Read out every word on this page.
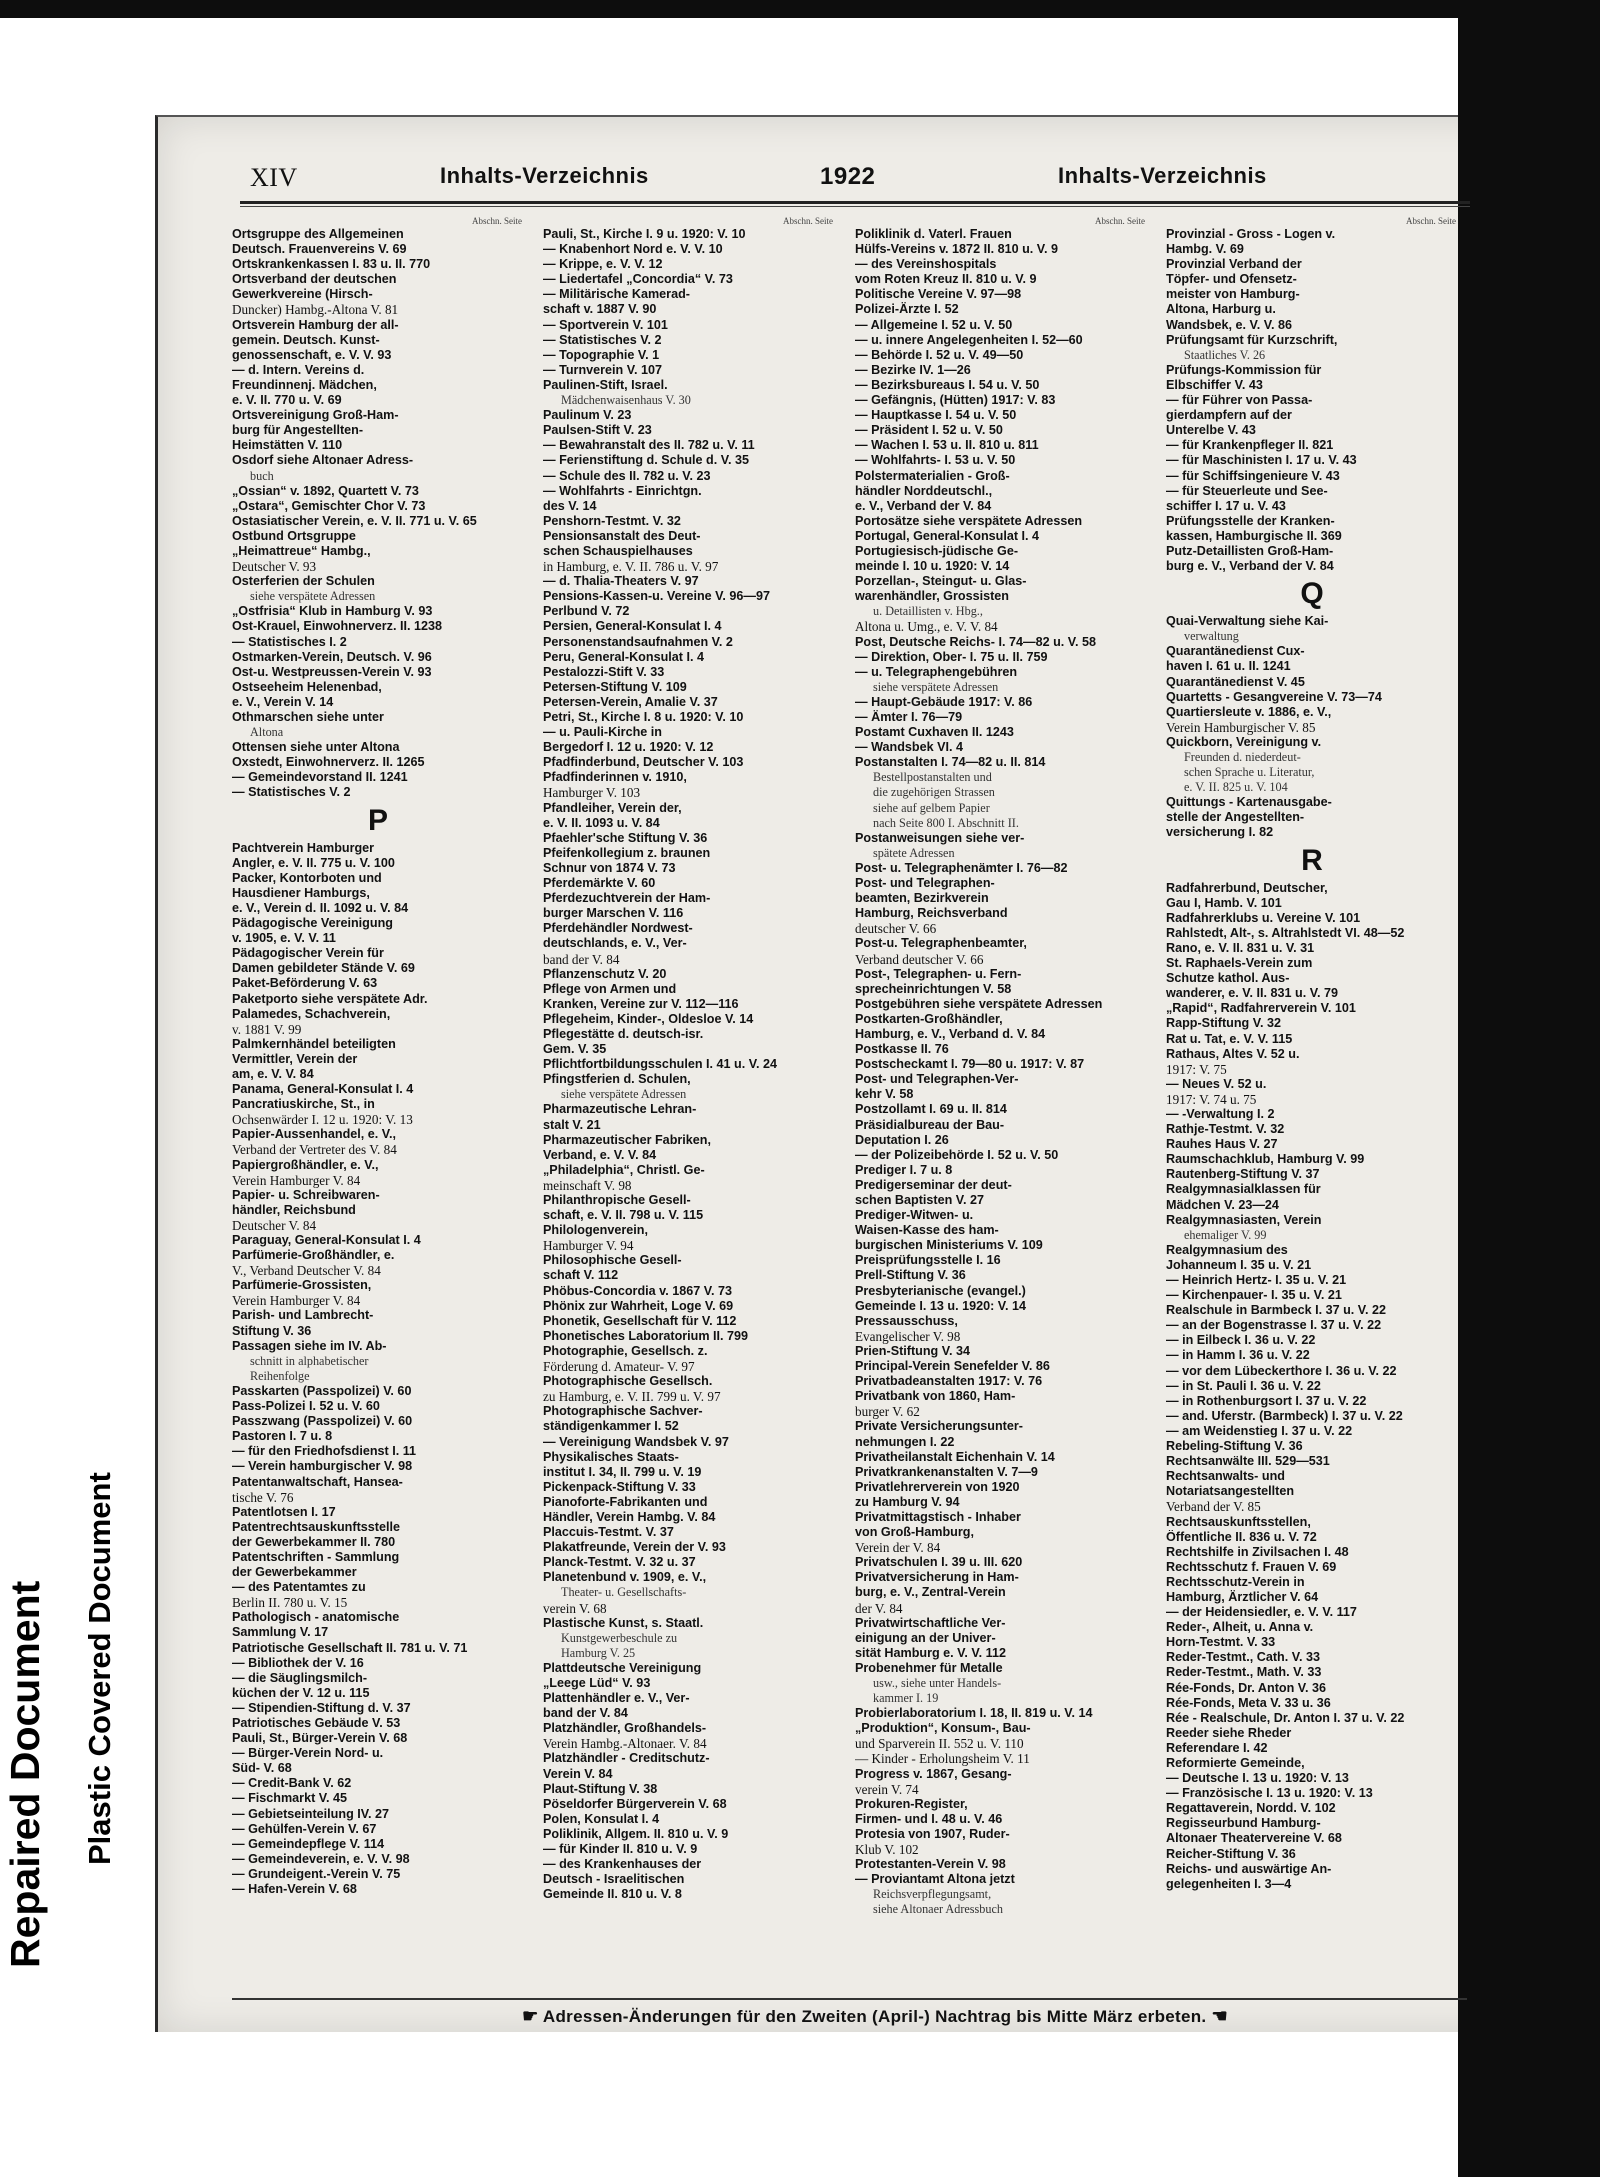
Repaired Document Plastic Covered Document
XIV	Inhalts-Verzeichnis	1922	Inhalts-Verzeichnis
Abschn. Seite
Ortsgruppe des Allgemeinen
Deutsch. Frauenvereins V. 69
Ortskrankenkassen I. 83 u. II. 770
Ortsverband der deutschen
Gewerkvereine (Hirsch-
Duncker) Hambg.-Altona V. 81
Ortsverein Hamburg der all-
gemein. Deutsch. Kunst-
genossenschaft, e. V. V. 93
— d. Intern. Vereins d.
Freundinnenj. Mädchen,
e. V. II. 770 u. V. 69
Ortsvereinigung Groß-Ham-
burg für Angestellten-
Heimstätten V. 110
Osdorf siehe Altonaer Adress-
buch
„Ossian“ v. 1892, Quartett V. 73
„Ostara“, Gemischter Chor V. 73
Ostasiatischer Verein, e. V. II. 771 u. V. 65
Ostbund Ortsgruppe
„Heimattreue“ Hambg.,
Deutscher V. 93
Osterferien der Schulen
siehe verspätete Adressen
„Ostfrisia“ Klub in Hamburg V. 93
Ost-Krauel, Einwohnerverz. II. 1238
— Statistisches I. 2
Ostmarken-Verein, Deutsch. V. 96
Ost-u. Westpreussen-Verein V. 93
Ostseeheim Helenenbad,
e. V., Verein V. 14
Othmarschen siehe unter
Altona
Ottensen siehe unter Altona
Oxstedt, Einwohnerverz. II. 1265
— Gemeindevorstand II. 1241
— Statistisches V. 2
P
Pachtverein Hamburger
Angler, e. V. II. 775 u. V. 100
Packer, Kontorboten und
Hausdiener Hamburgs,
e. V., Verein d. II. 1092 u. V. 84
Pädagogische Vereinigung
v. 1905, e. V. V. 11
Pädagogischer Verein für
Damen gebildeter Stände V. 69
Paket-Beförderung V. 63
Paketporto siehe verspätete Adr.
Palamedes, Schachverein,
v. 1881 V. 99
Palmkernhändel beteiligten
Vermittler, Verein der
am, e. V. V. 84
Panama, General-Konsulat I. 4
Pancratiuskirche, St., in
Ochsenwärder I. 12 u. 1920: V. 13
Papier-Aussenhandel, e. V.,
Verband der Vertreter des V. 84
Papiergroßhändler, e. V.,
Verein Hamburger V. 84
Papier- u. Schreibwaren-
händler, Reichsbund
Deutscher V. 84
Paraguay, General-Konsulat I. 4
Parfümerie-Großhändler, e.
V., Verband Deutscher V. 84
Parfümerie-Grossisten,
Verein Hamburger V. 84
Parish- und Lambrecht-
Stiftung V. 36
Passagen siehe im IV. Ab-
schnitt in alphabetischer
Reihenfolge
Passkarten (Passpolizei) V. 60
Pass-Polizei I. 52 u. V. 60
Passzwang (Passpolizei) V. 60
Pastoren I. 7 u. 8
— für den Friedhofsdienst I. 11
— Verein hamburgischer V. 98
Patentanwaltschaft, Hansea-
tische V. 76
Patentlotsen I. 17
Patentrechtsauskunftsstelle
der Gewerbekammer II. 780
Patentschriften - Sammlung
der Gewerbekammer
— des Patentamtes zu
Berlin II. 780 u. V. 15
Pathologisch - anatomische
Sammlung V. 17
Patriotische Gesellschaft II. 781 u. V. 71
— Bibliothek der V. 16
— die Säuglingsmilch-
küchen der V. 12 u. 115
— Stipendien-Stiftung d. V. 37
Patriotisches Gebäude V. 53
Pauli, St., Bürger-Verein V. 68
— Bürger-Verein Nord- u.
Süd- V. 68
— Credit-Bank V. 62
— Fischmarkt V. 45
— Gebietseinteilung IV. 27
— Gehülfen-Verein V. 67
— Gemeindepflege V. 114
— Gemeindeverein, e. V. V. 98
— Grundeigent.-Verein V. 75
— Hafen-Verein V. 68
Abschn. Seite
Pauli, St., Kirche I. 9 u. 1920: V. 10
— Knabenhort Nord e. V. V. 10
— Krippe, e. V. V. 12
— Liedertafel „Concordia“ V. 73
— Militärische Kamerad-
schaft v. 1887 V. 90
— Sportverein V. 101
— Statistisches V. 2
— Topographie V. 1
— Turnverein V. 107
Paulinen-Stift, Israel.
Mädchenwaisenhaus V. 30
Paulinum V. 23
Paulsen-Stift V. 23
— Bewahranstalt des II. 782 u. V. 11
— Ferienstiftung d. Schule d. V. 35
— Schule des II. 782 u. V. 23
— Wohlfahrts - Einrichtgn.
des V. 14
Penshorn-Testmt. V. 32
Pensionsanstalt des Deut-
schen Schauspielhauses
in Hamburg, e. V. II. 786 u. V. 97
— d. Thalia-Theaters V. 97
Pensions-Kassen-u. Vereine V. 96—97
Perlbund V. 72
Persien, General-Konsulat I. 4
Personenstandsaufnahmen V. 2
Peru, General-Konsulat I. 4
Pestalozzi-Stift V. 33
Petersen-Stiftung V. 109
Petersen-Verein, Amalie V. 37
Petri, St., Kirche I. 8 u. 1920: V. 10
— u. Pauli-Kirche in
Bergedorf I. 12 u. 1920: V. 12
Pfadfinderbund, Deutscher V. 103
Pfadfinderinnen v. 1910,
Hamburger V. 103
Pfandleiher, Verein der,
e. V. II. 1093 u. V. 84
Pfaehler'sche Stiftung V. 36
Pfeifenkollegium z. braunen
Schnur von 1874 V. 73
Pferdemärkte V. 60
Pferdezuchtverein der Ham-
burger Marschen V. 116
Pferdehändler Nordwest-
deutschlands, e. V., Ver-
band der V. 84
Pflanzenschutz V. 20
Pflege von Armen und
Kranken, Vereine zur V. 112—116
Pflegeheim, Kinder-, Oldesloe V. 14
Pflegestätte d. deutsch-isr.
Gem. V. 35
Pflichtfortbildungsschulen I. 41 u. V. 24
Pfingstferien d. Schulen,
siehe verspätete Adressen
Pharmazeutische Lehran-
stalt V. 21
Pharmazeutischer Fabriken,
Verband, e. V. V. 84
„Philadelphia“, Christl. Ge-
meinschaft V. 98
Philanthropische Gesell-
schaft, e. V. II. 798 u. V. 115
Philologenverein,
Hamburger V. 94
Philosophische Gesell-
schaft V. 112
Phöbus-Concordia v. 1867 V. 73
Phönix zur Wahrheit, Loge V. 69
Phonetik, Gesellschaft für V. 112
Phonetisches Laboratorium II. 799
Photographie, Gesellsch. z.
Förderung d. Amateur- V. 97
Photographische Gesellsch.
zu Hamburg, e. V. II. 799 u. V. 97
Photographische Sachver-
ständigenkammer I. 52
— Vereinigung Wandsbek V. 97
Physikalisches Staats-
institut I. 34, II. 799 u. V. 19
Pickenpack-Stiftung V. 33
Pianoforte-Fabrikanten und
Händler, Verein Hambg. V. 84
Placcuis-Testmt. V. 37
Plakatfreunde, Verein der V. 93
Planck-Testmt. V. 32 u. 37
Planetenbund v. 1909, e. V.,
Theater- u. Gesellschafts-
verein V. 68
Plastische Kunst, s. Staatl.
Kunstgewerbeschule zu
Hamburg V. 25
Plattdeutsche Vereinigung
„Leege Lüd“ V. 93
Plattenhändler e. V., Ver-
band der V. 84
Platzhändler, Großhandels-
Verein Hambg.-Altonaer. V. 84
Platzhändler - Creditschutz-
Verein V. 84
Plaut-Stiftung V. 38
Pöseldorfer Bürgerverein V. 68
Polen, Konsulat I. 4
Poliklinik, Allgem. II. 810 u. V. 9
— für Kinder II. 810 u. V. 9
— des Krankenhauses der
Deutsch - Israelitischen
Gemeinde II. 810 u. V. 8
Abschn. Seite
Poliklinik d. Vaterl. Frauen
Hülfs-Vereins v. 1872 II. 810 u. V. 9
— des Vereinshospitals
vom Roten Kreuz II. 810 u. V. 9
Politische Vereine V. 97—98
Polizei-Ärzte I. 52
— Allgemeine I. 52 u. V. 50
— u. innere Angelegenheiten I. 52—60
— Behörde I. 52 u. V. 49—50
— Bezirke IV. 1—26
— Bezirksbureaus I. 54 u. V. 50
— Gefängnis, (Hütten) 1917: V. 83
— Hauptkasse I. 54 u. V. 50
— Präsident I. 52 u. V. 50
— Wachen I. 53 u. II. 810 u. 811
— Wohlfahrts- I. 53 u. V. 50
Polstermaterialien - Groß-
händler Norddeutschl.,
e. V., Verband der V. 84
Portosätze siehe verspätete Adressen
Portugal, General-Konsulat I. 4
Portugiesisch-jüdische Ge-
meinde I. 10 u. 1920: V. 14
Porzellan-, Steingut- u. Glas-
warenhändler, Grossisten
u. Detaillisten v. Hbg.,
Altona u. Umg., e. V. V. 84
Post, Deutsche Reichs- I. 74—82 u. V. 58
— Direktion, Ober- I. 75 u. II. 759
— u. Telegraphengebühren
siehe verspätete Adressen
— Haupt-Gebäude 1917: V. 86
— Ämter I. 76—79
Postamt Cuxhaven II. 1243
— Wandsbek VI. 4
Postanstalten I. 74—82 u. II. 814
Bestellpostanstalten und
die zugehörigen Strassen
siehe auf gelbem Papier
nach Seite 800 I. Abschnitt II.
Postanweisungen siehe ver-
spätete Adressen
Post- u. Telegraphenämter I. 76—82
Post- und Telegraphen-
beamten, Bezirkverein
Hamburg, Reichsverband
deutscher V. 66
Post-u. Telegraphenbeamter,
Verband deutscher V. 66
Post-, Telegraphen- u. Fern-
sprecheinrichtungen V. 58
Postgebühren siehe verspätete Adressen
Postkarten-Großhändler,
Hamburg, e. V., Verband d. V. 84
Postkasse II. 76
Postscheckamt I. 79—80 u. 1917: V. 87
Post- und Telegraphen-Ver-
kehr V. 58
Postzollamt I. 69 u. II. 814
Präsidialbureau der Bau-
Deputation I. 26
— der Polizeibehörde I. 52 u. V. 50
Prediger I. 7 u. 8
Predigerseminar der deut-
schen Baptisten V. 27
Prediger-Witwen- u.
Waisen-Kasse des ham-
burgischen Ministeriums V. 109
Preisprüfungsstelle I. 16
Prell-Stiftung V. 36
Presbyterianische (evangel.)
Gemeinde I. 13 u. 1920: V. 14
Pressausschuss,
Evangelischer V. 98
Prien-Stiftung V. 34
Principal-Verein Senefelder V. 86
Privatbadeanstalten 1917: V. 76
Privatbank von 1860, Ham-
burger V. 62
Private Versicherungsunter-
nehmungen I. 22
Privatheilanstalt Eichenhain V. 14
Privatkrankenanstalten V. 7—9
Privatlehrerverein von 1920
zu Hamburg V. 94
Privatmittagstisch - Inhaber
von Groß-Hamburg,
Verein der V. 84
Privatschulen I. 39 u. III. 620
Privatversicherung in Ham-
burg, e. V., Zentral-Verein
der V. 84
Privatwirtschaftliche Ver-
einigung an der Univer-
sität Hamburg e. V. V. 112
Probenehmer für Metalle
usw., siehe unter Handels-
kammer I. 19
Probierlaboratorium I. 18, II. 819 u. V. 14
„Produktion“, Konsum-, Bau-
und Sparverein II. 552 u. V. 110
— Kinder - Erholungsheim V. 11
Progress v. 1867, Gesang-
verein V. 74
Prokuren-Register,
Firmen- und I. 48 u. V. 46
Protesia von 1907, Ruder-
Klub V. 102
Protestanten-Verein V. 98
— Proviantamt Altona jetzt
Reichsverpflegungsamt,
siehe Altonaer Adressbuch
Abschn. Seite
Provinzial - Gross - Logen v.
Hambg. V. 69
Provinzial Verband der
Töpfer- und Ofensetz-
meister von Hamburg-
Altona, Harburg u.
Wandsbek, e. V. V. 86
Prüfungsamt für Kurzschrift,
Staatliches V. 26
Prüfungs-Kommission für
Elbschiffer V. 43
— für Führer von Passa-
gierdampfern auf der
Unterelbe V. 43
— für Krankenpfleger II. 821
— für Maschinisten I. 17 u. V. 43
— für Schiffsingenieure V. 43
— für Steuerleute und See-
schiffer I. 17 u. V. 43
Prüfungsstelle der Kranken-
kassen, Hamburgische II. 369
Putz-Detaillisten Groß-Ham-
burg e. V., Verband der V. 84
Q
Quai-Verwaltung siehe Kai-
verwaltung
Quarantänedienst Cux-
haven I. 61 u. II. 1241
Quarantänedienst V. 45
Quartetts - Gesangvereine V. 73—74
Quartiersleute v. 1886, e. V.,
Verein Hamburgischer V. 85
Quickborn, Vereinigung v.
Freunden d. niederdeut-
schen Sprache u. Literatur,
e. V. II. 825 u. V. 104
Quittungs - Kartenausgabe-
stelle der Angestellten-
versicherung I. 82
R
Radfahrerbund, Deutscher,
Gau I, Hamb. V. 101
Radfahrerklubs u. Vereine V. 101
Rahlstedt, Alt-, s. Altrahlstedt VI. 48—52
Rano, e. V. II. 831 u. V. 31
St. Raphaels-Verein zum
Schutze kathol. Aus-
wanderer, e. V. II. 831 u. V. 79
„Rapid“, Radfahrerverein V. 101
Rapp-Stiftung V. 32
Rat u. Tat, e. V. V. 115
Rathaus, Altes V. 52 u.
1917: V. 75
— Neues V. 52 u.
1917: V. 74 u. 75
— -Verwaltung I. 2
Rathje-Testmt. V. 32
Rauhes Haus V. 27
Raumschachklub, Hamburg V. 99
Rautenberg-Stiftung V. 37
Realgymnasialklassen für
Mädchen V. 23—24
Realgymnasiasten, Verein
ehemaliger V. 99
Realgymnasium des
Johanneum I. 35 u. V. 21
— Heinrich Hertz- I. 35 u. V. 21
— Kirchenpauer- I. 35 u. V. 21
Realschule in Barmbeck I. 37 u. V. 22
— an der Bogenstrasse I. 37 u. V. 22
— in Eilbeck I. 36 u. V. 22
— in Hamm I. 36 u. V. 22
— vor dem Lübeckerthore I. 36 u. V. 22
— in St. Pauli I. 36 u. V. 22
— in Rothenburgsort I. 37 u. V. 22
— and. Uferstr. (Barmbeck) I. 37 u. V. 22
— am Weidenstieg I. 37 u. V. 22
Rebeling-Stiftung V. 36
Rechtsanwälte III. 529—531
Rechtsanwalts- und
Notariatsangestellten
Verband der V. 85
Rechtsauskunftsstellen,
Öffentliche II. 836 u. V. 72
Rechtshilfe in Zivilsachen I. 48
Rechtsschutz f. Frauen V. 69
Rechtsschutz-Verein in
Hamburg, Ärztlicher V. 64
— der Heidensiedler, e. V. V. 117
Reder-, Alheit, u. Anna v.
Horn-Testmt. V. 33
Reder-Testmt., Cath. V. 33
Reder-Testmt., Math. V. 33
Rée-Fonds, Dr. Anton V. 36
Rée-Fonds, Meta V. 33 u. 36
Rée - Realschule, Dr. Anton I. 37 u. V. 22
Reeder siehe Rheder
Referendare I. 42
Reformierte Gemeinde,
— Deutsche I. 13 u. 1920: V. 13
— Französische I. 13 u. 1920: V. 13
Regattaverein, Nordd. V. 102
Regisseurbund Hamburg-
Altonaer Theatervereine V. 68
Reicher-Stiftung V. 36
Reichs- und auswärtige An-
gelegenheiten I. 3—4
☛ Adressen-Änderungen für den Zweiten (April-) Nachtrag bis Mitte März erbeten. ☚
